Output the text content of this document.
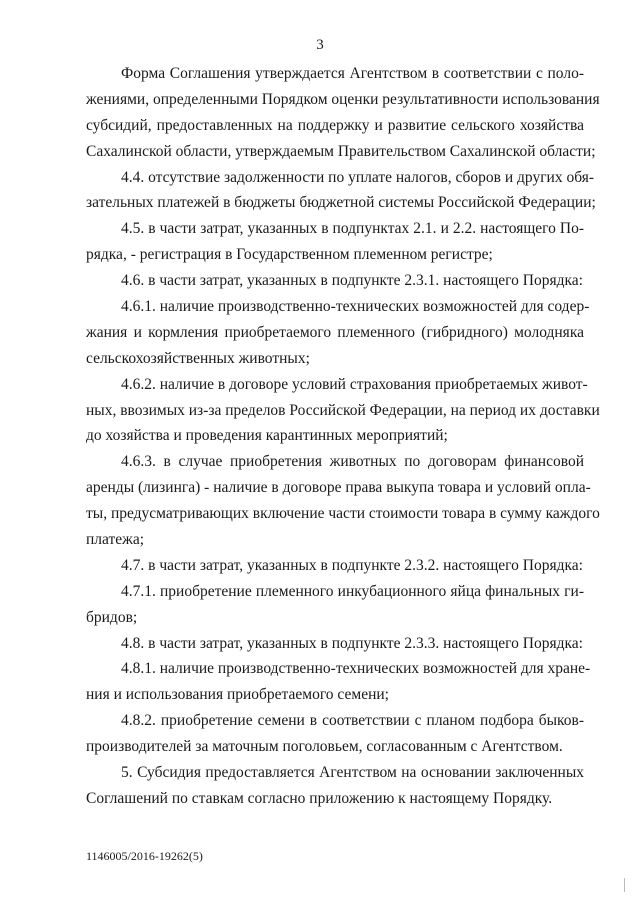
3
Форма Соглашения утверждается Агентством в соответствии с поло-
жениями, определенными Порядком оценки результативности использования
субсидий, предоставленных на поддержку и развитие сельского хозяйства
Сахалинской области, утверждаемым Правительством Сахалинской области;
4.4. отсутствие задолженности по уплате налогов, сборов и других обя-
зательных платежей в бюджеты бюджетной системы Российской Федерации;
4.5. в части затрат, указанных в подпунктах 2.1. и 2.2. настоящего По-
рядка, - регистрация в Государственном племенном регистре;
4.6. в части затрат, указанных в подпункте 2.3.1. настоящего Порядка:
4.6.1. наличие производственно-технических возможностей для содер-
жания и кормления приобретаемого племенного (гибридного) молодняка
сельскохозяйственных животных;
4.6.2. наличие в договоре условий страхования приобретаемых живот-
ных, ввозимых из-за пределов Российской Федерации, на период их доставки
до хозяйства и проведения карантинных мероприятий;
4.6.3. в случае приобретения животных по договорам финансовой
аренды (лизинга) - наличие в договоре права выкупа товара и условий опла-
ты, предусматривающих включение части стоимости товара в сумму каждого
платежа;
4.7. в части затрат, указанных в подпункте 2.3.2. настоящего Порядка:
4.7.1. приобретение племенного инкубационного яйца финальных ги-
бридов;
4.8. в части затрат, указанных в подпункте 2.3.3. настоящего Порядка:
4.8.1. наличие производственно-технических возможностей для хране-
ния и использования приобретаемого семени;
4.8.2. приобретение семени в соответствии с планом подбора быков-
производителей за маточным поголовьем, согласованным с Агентством.
5. Субсидия предоставляется Агентством на основании заключенных
Соглашений по ставкам согласно приложению к настоящему Порядку.
1146005/2016-19262(5)
